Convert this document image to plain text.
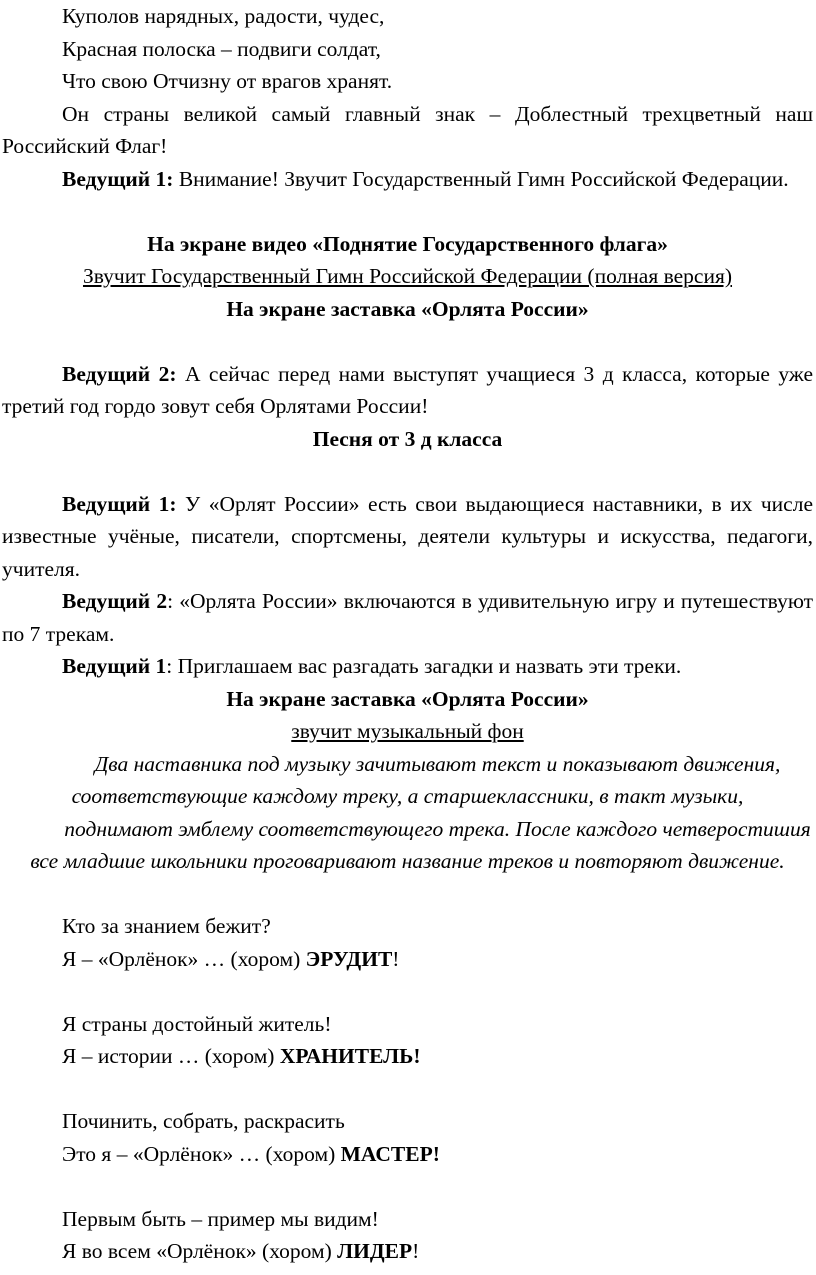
Куполов нарядных, радости, чудес,

Красная полоска – подвиги солдат,

Что свою Отчизну от врагов хранят.

Он страны великой самый главный знак – Доблестный трехцветный наш Российский Флаг!

Ведущий 1: Внимание! Звучит Государственный Гимн Российской Федерации.

На экране видео «Поднятие Государственного флага»

Звучит Государственный Гимн Российской Федерации (полная версия)

На экране заставка «Орлята России»

Ведущий 2: А сейчас перед нами выступят учащиеся 3 д класса, которые уже третий год гордо зовут себя Орлятами России!

Песня от 3 д класса

Ведущий 1: У «Орлят России» есть свои выдающиеся наставники, в их числе известные учёные, писатели, спортсмены, деятели культуры и искусства, педагоги, учителя.

Ведущий 2: «Орлята России» включаются в удивительную игру и путешествуют по 7 трекам.

Ведущий 1: Приглашаем вас разгадать загадки и назвать эти треки.

На экране заставка «Орлята России»

звучит музыкальный фон

Два наставника под музыку зачитывают текст и показывают движения, соответствующие каждому треку, а старшеклассники, в такт музыки,

поднимают эмблему соответствующего трека. После каждого четверостишия все младшие школьники проговаривают название треков и повторяют движение.

Кто за знанием бежит?

Я – «Орлёнок» … (хором) ЭРУДИТ!

Я страны достойный житель!

Я – истории … (хором) ХРАНИТЕЛЬ!

Починить, собрать, раскрасить

Это я – «Орлёнок» … (хором) МАСТЕР!

Первым быть – пример мы видим!

Я во всем «Орлёнок» (хором) ЛИДЕР!
